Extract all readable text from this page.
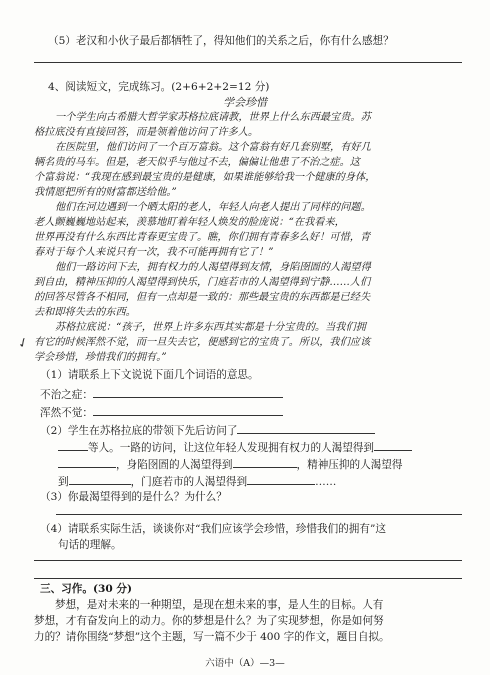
（5）老汉和小伙子最后都牺牲了，得知他们的关系之后，你有什么感想？
4、阅读短文，完成练习。(2+6+2+2=12 分)
学会珍惜
一个学生向古希腊大哲学家苏格拉底请教，世界上什么东西最宝贵。苏
格拉底没有直接回答，而是领着他访问了许多人。
在医院里，他们访问了一个百万富翁。这个富翁有好几套别墅，有好几
辆名贵的马车。但是，老天似乎与他过不去，偏偏让他患了不治之症。这
个富翁说：“我现在感到最宝贵的是健康，如果谁能够给我一个健康的身体，
我情愿把所有的财富都送给他。”
他们在河边遇到一个晒太阳的老人，年轻人向老人提出了同样的问题。
老人颤巍巍地站起来，羡慕地盯着年轻人焕发的脸庞说：“在我看来，
世界再没有什么东西比青春更宝贵了。瞧，你们拥有青春多么好！可惜，青
春对于每个人来说只有一次，我不可能再拥有它了！”
他们一路访问下去，拥有权力的人渴望得到友情，身陷囹圄的人渴望得
到自由，精神压抑的人渴望得到快乐，门庭若市的人渴望得到宁静……人们
的回答尽管各不相同，但有一点却是一致的：那些最宝贵的东西都是已经失
去和即将失去的东西。
苏格拉底说：“孩子，世界上许多东西其实都是十分宝贵的。当我们拥
有它的时候浑然不觉，而一旦失去它，便感到它的宝贵了。所以，我们应该
学会珍惜，珍惜我们的拥有。”
✓
（1）请联系上下文说说下面几个词语的意思。
不治之症：
浑然不觉：
（2）学生在苏格拉底的带领下先后访问了
等人。一路的访问，让这位年轻人发现拥有权力的人渴望得到
，身陷囹圄的人渴望得到	，精神压抑的人渴望得
到	，门庭若市的人渴望得到	……
（3）你最渴望得到的是什么？为什么？
（4）请联系实际生活，谈谈你对“我们应该学会珍惜，珍惜我们的拥有”这
句话的理解。
三、习作。(30 分)
梦想，是对未来的一种期望，是现在想未来的事，是人生的目标。人有
梦想，才有奋发向上的动力。你的梦想是什么？为了实现梦想，你是如何努
力的？请你围绕“梦想”这个主题，写一篇不少于 400 字的作文，题目自拟。
六语中（A）—3—
